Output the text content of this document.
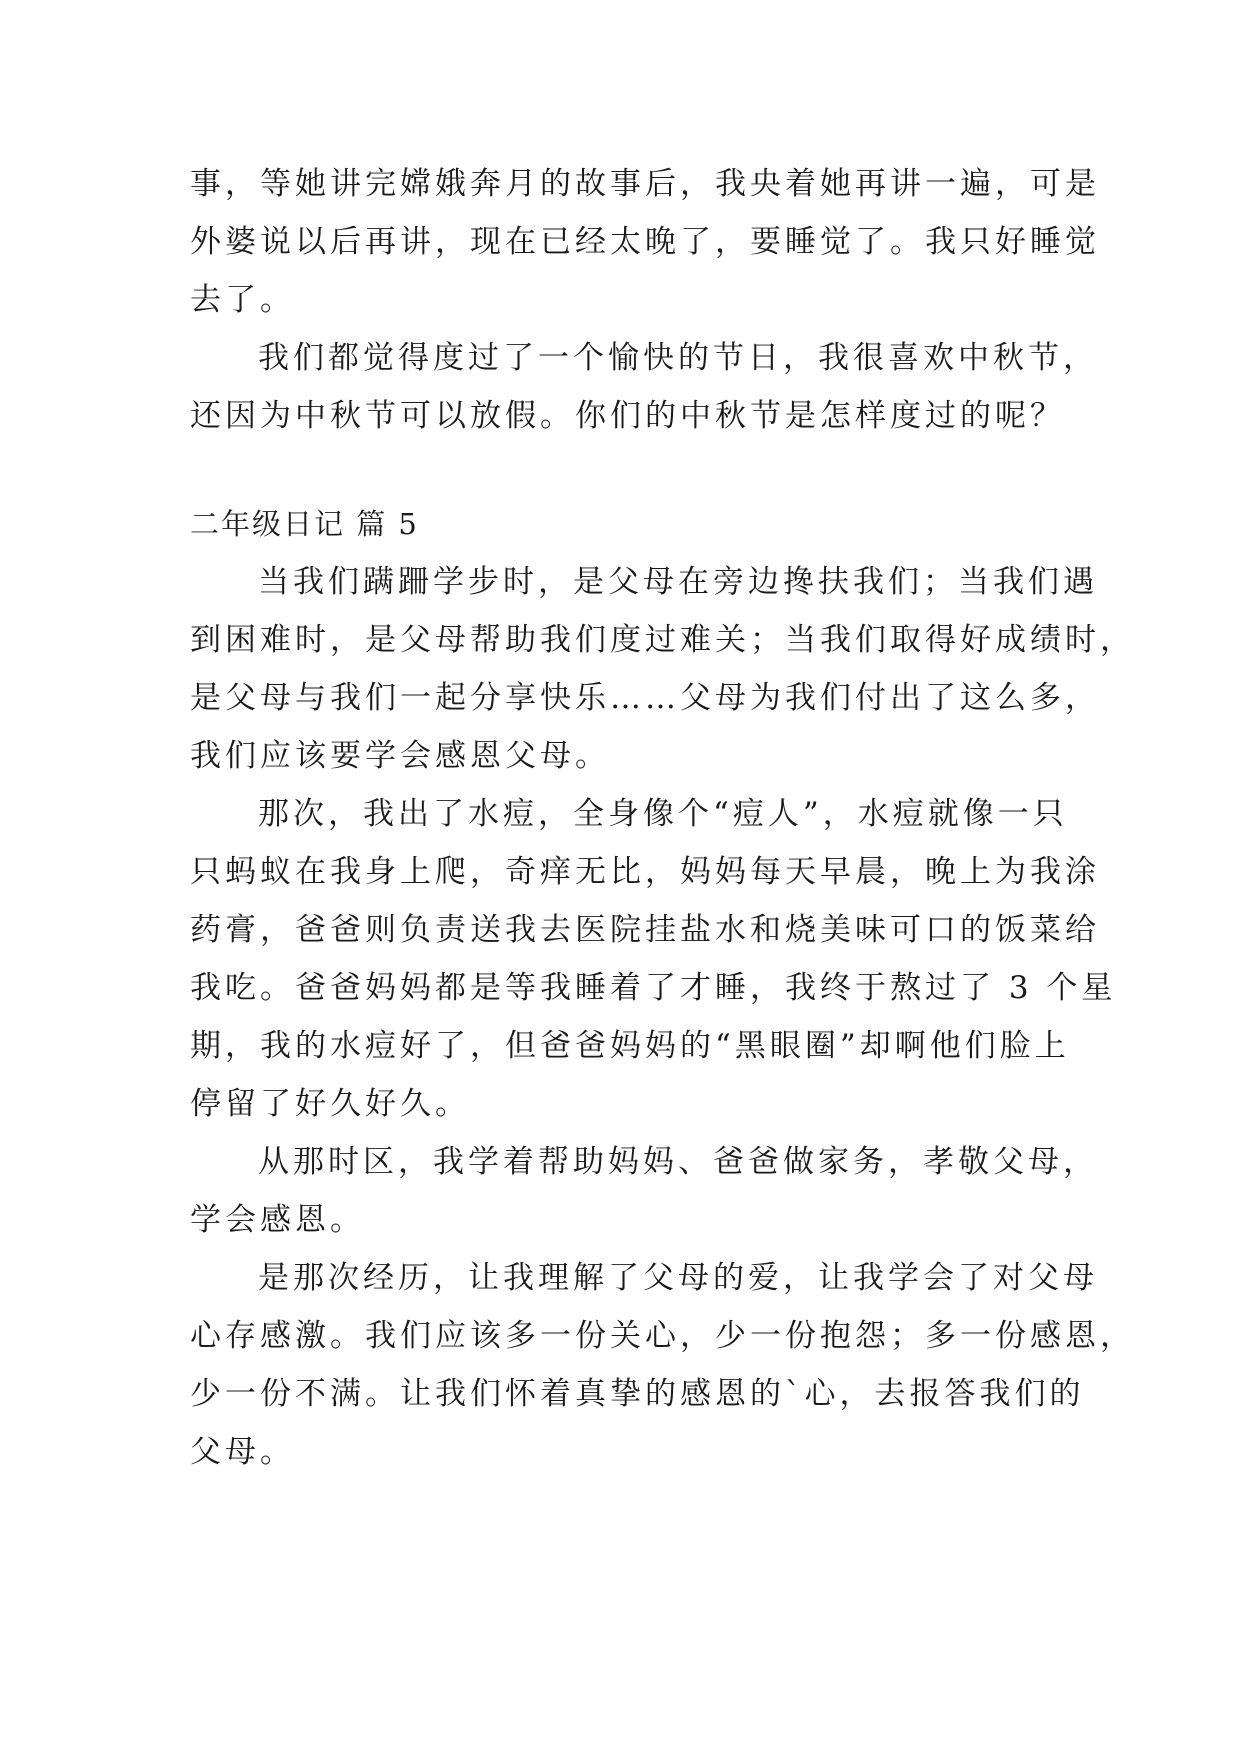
事，等她讲完嫦娥奔月的故事后，我央着她再讲一遍，可是
外婆说以后再讲，现在已经太晚了，要睡觉了。我只好睡觉
去了。
我们都觉得度过了一个愉快的节日，我很喜欢中秋节，
还因为中秋节可以放假。你们的中秋节是怎样度过的呢？
二年级日记 篇 5
当我们蹒跚学步时，是父母在旁边搀扶我们；当我们遇
到困难时，是父母帮助我们度过难关；当我们取得好成绩时，
是父母与我们一起分享快乐……父母为我们付出了这么多，
我们应该要学会感恩父母。
那次，我出了水痘，全身像个“痘人”，水痘就像一只
只蚂蚁在我身上爬，奇痒无比，妈妈每天早晨，晚上为我涂
药膏，爸爸则负责送我去医院挂盐水和烧美味可口的饭菜给
我吃。爸爸妈妈都是等我睡着了才睡，我终于熬过了 3 个星
期，我的水痘好了，但爸爸妈妈的“黑眼圈”却啊他们脸上
停留了好久好久。
从那时区，我学着帮助妈妈、爸爸做家务，孝敬父母，
学会感恩。
是那次经历，让我理解了父母的爱，让我学会了对父母
心存感激。我们应该多一份关心，少一份抱怨；多一份感恩，
少一份不满。让我们怀着真挚的感恩的`心，去报答我们的
父母。
